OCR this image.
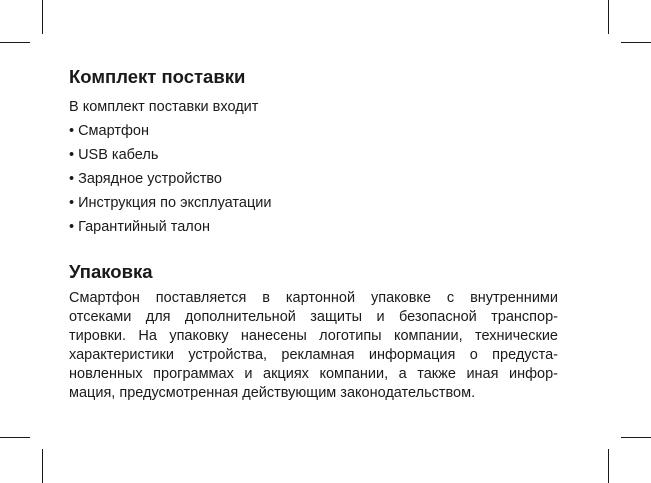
Комплект поставки

В комплект поставки входит

• Смартфон
• USB кабель
• Зарядное устройство
• Инструкция по эксплуатации
• Гарантийный талон
Упаковка

Смартфон поставляется в картонной упаковке с внутренними
отсеками для дополнительной защиты и безопасной транспор-
тировки. На упаковку нанесены логотипы компании, технические
характеристики устройства, рекламная информация о предуста-
новленных программах и акциях компании, а также иная инфор-
мация, предусмотренная действующим законодательством.
